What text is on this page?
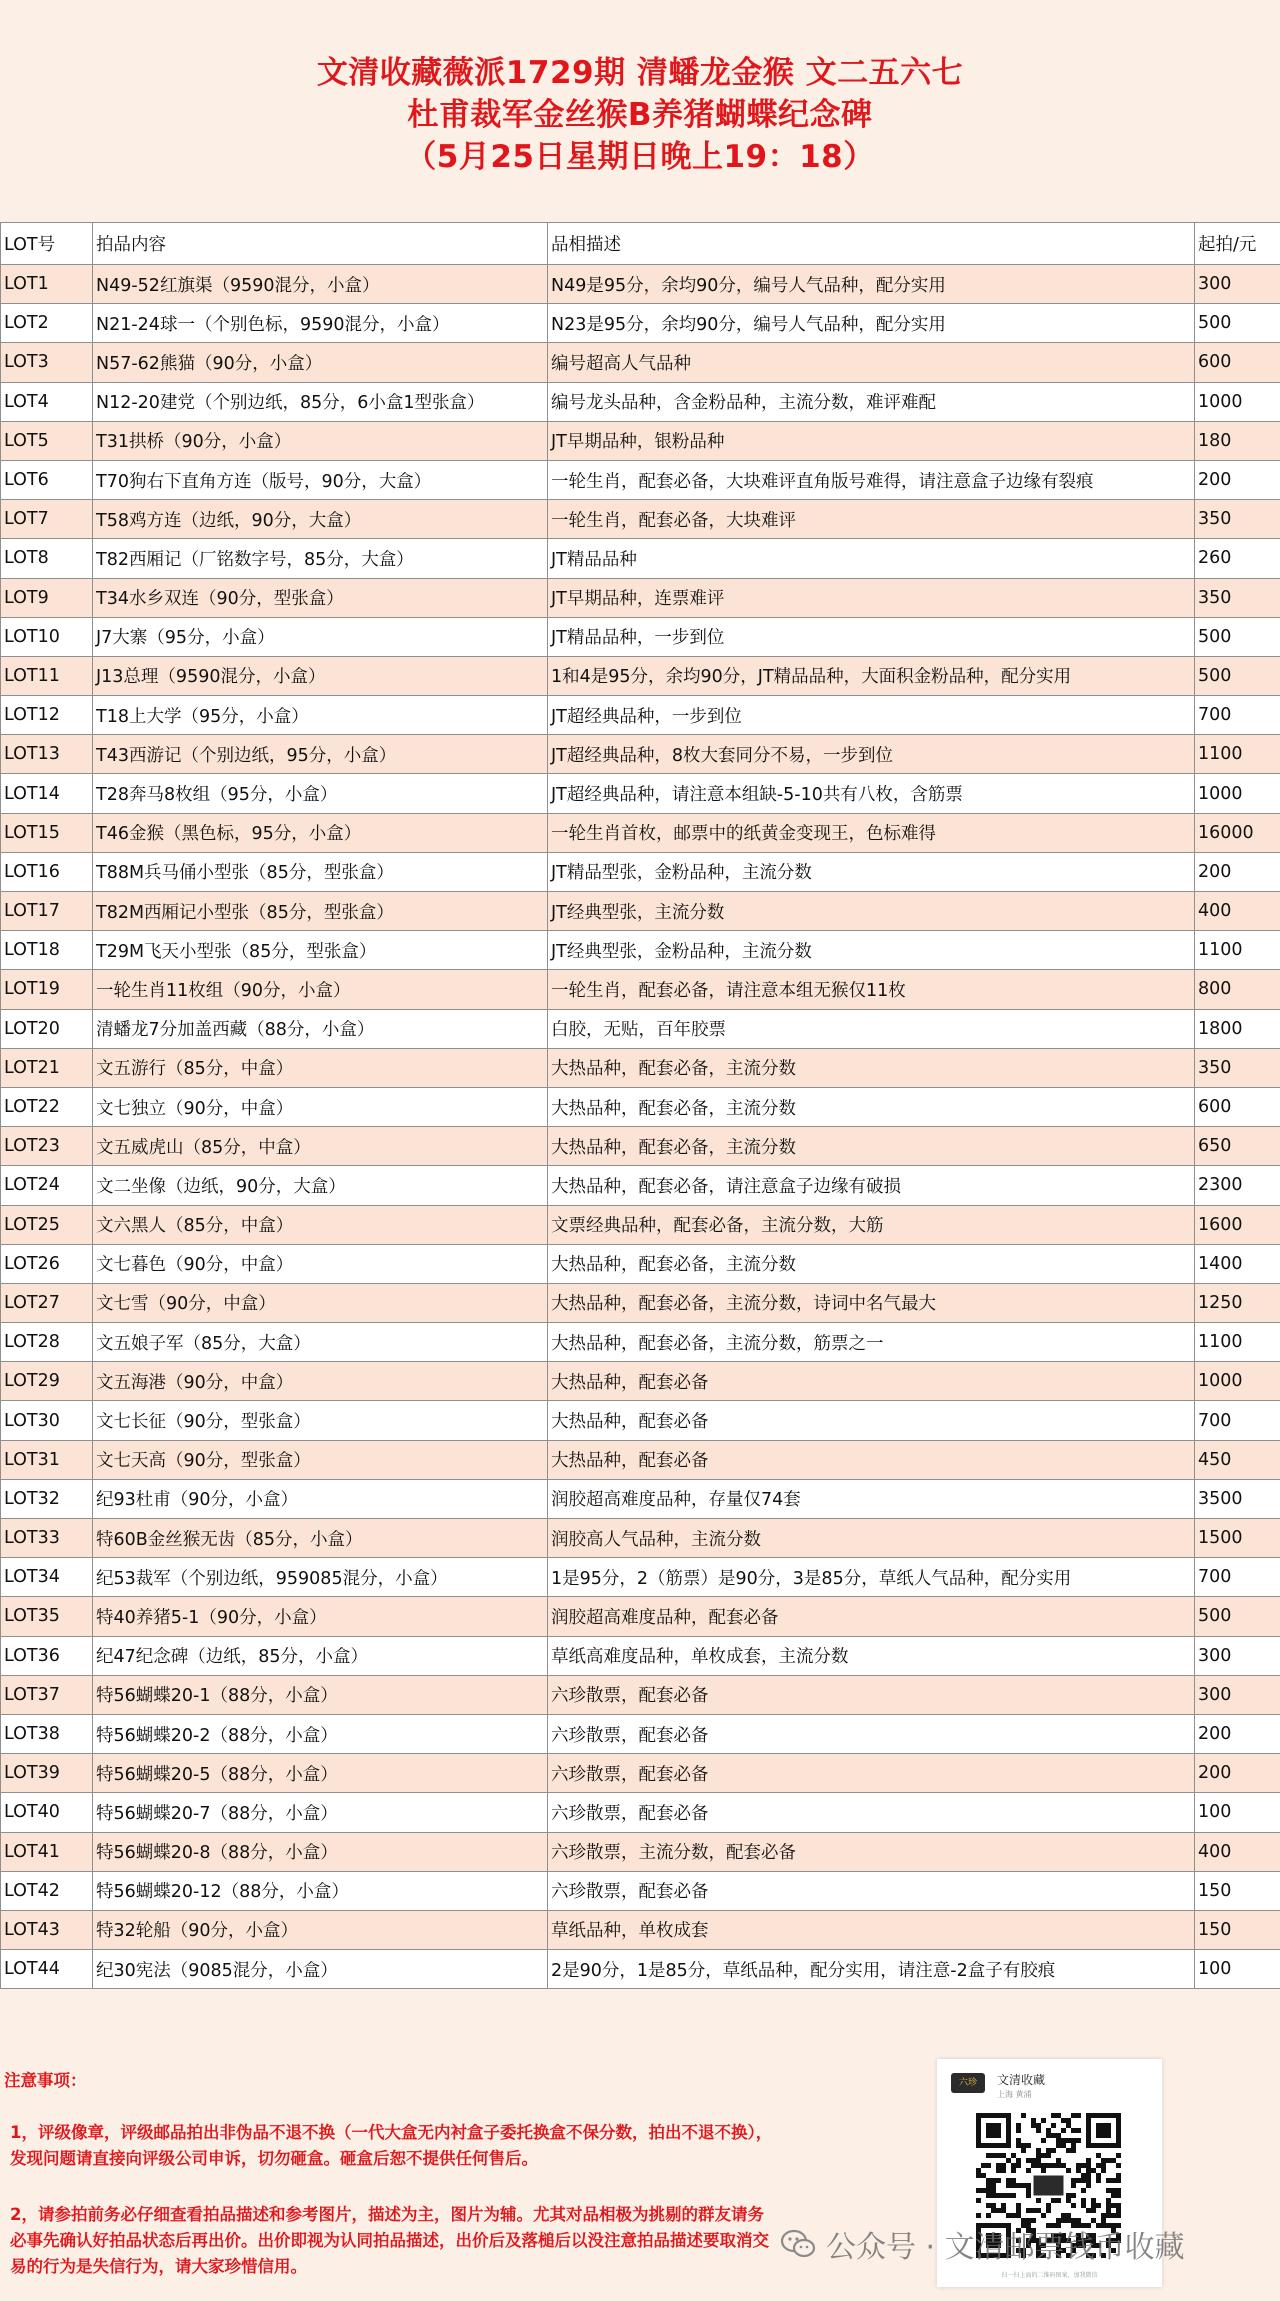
文清收藏薇派1729期 清蟠龙金猴 文二五六七
杜甫裁军金丝猴B养猪蝴蝶纪念碑
（5月25日星期日晚上19：18）
LOT号	拍品内容	品相描述	起拍/元
LOT1	N49-52红旗渠（9590混分，小盒）	N49是95分，余均90分，编号人气品种，配分实用	300
LOT2	N21-24球一（个别色标，9590混分，小盒）	N23是95分，余均90分，编号人气品种，配分实用	500
LOT3	N57-62熊猫（90分，小盒）	编号超高人气品种	600
LOT4	N12-20建党（个别边纸，85分，6小盒1型张盒）	编号龙头品种，含金粉品种，主流分数，难评难配	1000
LOT5	T31拱桥（90分，小盒）	JT早期品种，银粉品种	180
LOT6	T70狗右下直角方连（版号，90分，大盒）	一轮生肖，配套必备，大块难评直角版号难得，请注意盒子边缘有裂痕	200
LOT7	T58鸡方连（边纸，90分，大盒）	一轮生肖，配套必备，大块难评	350
LOT8	T82西厢记（厂铭数字号，85分，大盒）	JT精品品种	260
LOT9	T34水乡双连（90分，型张盒）	JT早期品种，连票难评	350
LOT10	J7大寨（95分，小盒）	JT精品品种，一步到位	500
LOT11	J13总理（9590混分，小盒）	1和4是95分，余均90分，JT精品品种，大面积金粉品种，配分实用	500
LOT12	T18上大学（95分，小盒）	JT超经典品种，一步到位	700
LOT13	T43西游记（个别边纸，95分，小盒）	JT超经典品种，8枚大套同分不易，一步到位	1100
LOT14	T28奔马8枚组（95分，小盒）	JT超经典品种，请注意本组缺-5-10共有八枚，含筋票	1000
LOT15	T46金猴（黑色标，95分，小盒）	一轮生肖首枚，邮票中的纸黄金变现王，色标难得	16000
LOT16	T88M兵马俑小型张（85分，型张盒）	JT精品型张，金粉品种，主流分数	200
LOT17	T82M西厢记小型张（85分，型张盒）	JT经典型张，主流分数	400
LOT18	T29M飞天小型张（85分，型张盒）	JT经典型张，金粉品种，主流分数	1100
LOT19	一轮生肖11枚组（90分，小盒）	一轮生肖，配套必备，请注意本组无猴仅11枚	800
LOT20	清蟠龙7分加盖西藏（88分，小盒）	白胶，无贴，百年胶票	1800
LOT21	文五游行（85分，中盒）	大热品种，配套必备，主流分数	350
LOT22	文七独立（90分，中盒）	大热品种，配套必备，主流分数	600
LOT23	文五威虎山（85分，中盒）	大热品种，配套必备，主流分数	650
LOT24	文二坐像（边纸，90分，大盒）	大热品种，配套必备，请注意盒子边缘有破损	2300
LOT25	文六黑人（85分，中盒）	文票经典品种，配套必备，主流分数，大筋	1600
LOT26	文七暮色（90分，中盒）	大热品种，配套必备，主流分数	1400
LOT27	文七雪（90分，中盒）	大热品种，配套必备，主流分数，诗词中名气最大	1250
LOT28	文五娘子军（85分，大盒）	大热品种，配套必备，主流分数，筋票之一	1100
LOT29	文五海港（90分，中盒）	大热品种，配套必备	1000
LOT30	文七长征（90分，型张盒）	大热品种，配套必备	700
LOT31	文七天高（90分，型张盒）	大热品种，配套必备	450
LOT32	纪93杜甫（90分，小盒）	润胶超高难度品种，存量仅74套	3500
LOT33	特60B金丝猴无齿（85分，小盒）	润胶高人气品种，主流分数	1500
LOT34	纪53裁军（个别边纸，959085混分，小盒）	1是95分，2（筋票）是90分，3是85分，草纸人气品种，配分实用	700
LOT35	特40养猪5-1（90分，小盒）	润胶超高难度品种，配套必备	500
LOT36	纪47纪念碑（边纸，85分，小盒）	草纸高难度品种，单枚成套，主流分数	300
LOT37	特56蝴蝶20-1（88分，小盒）	六珍散票，配套必备	300
LOT38	特56蝴蝶20-2（88分，小盒）	六珍散票，配套必备	200
LOT39	特56蝴蝶20-5（88分，小盒）	六珍散票，配套必备	200
LOT40	特56蝴蝶20-7（88分，小盒）	六珍散票，配套必备	100
LOT41	特56蝴蝶20-8（88分，小盒）	六珍散票，主流分数，配套必备	400
LOT42	特56蝴蝶20-12（88分，小盒）	六珍散票，配套必备	150
LOT43	特32轮船（90分，小盒）	草纸品种，单枚成套	150
LOT44	纪30宪法（9085混分，小盒）	2是90分，1是85分，草纸品种，配分实用，请注意-2盒子有胶痕	100
注意事项：
1，评级像章，评级邮品拍出非伪品不退不换（一代大盒无内衬盒子委托换盒不保分数，拍出不退不换），发现问题请直接向评级公司申诉，切勿砸盒。砸盒后恕不提供任何售后。
2，请参拍前务必仔细查看拍品描述和参考图片，描述为主，图片为辅。尤其对品相极为挑剔的群友请务必事先确认好拍品状态后再出价。出价即视为认同拍品描述，出价后及落槌后以没注意拍品描述要取消交易的行为是失信行为，请大家珍惜信用。
六珍	文清收藏
上海 黄浦
扫一扫上面的二维码图案，加我微信
公众号 · 文清邮票钱币收藏
